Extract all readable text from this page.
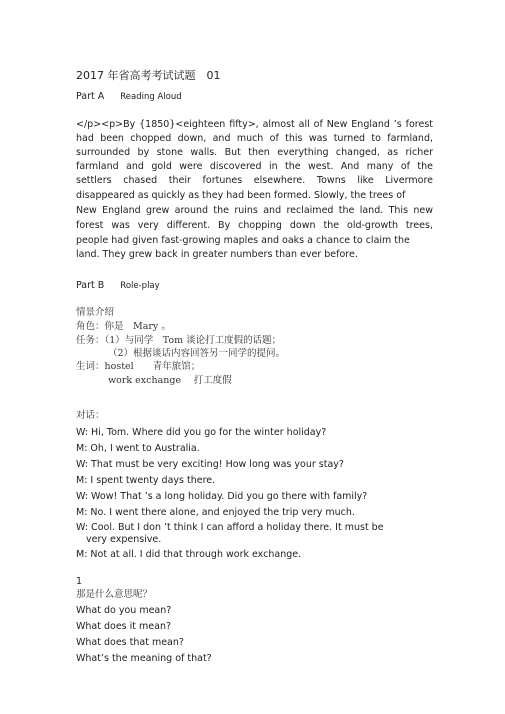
2017 年省高考考试试题　01
Part A Reading Aloud
</p><p>By {1850}<eighteen fifty>, almost all of New England ’s forest
had been chopped down, and much of this was turned to farmland,
surrounded by stone walls. But then everything changed, as richer
farmland and gold were discovered in the west. And many of the
settlers chased their fortunes elsewhere. Towns like Livermore
disappeared as quickly as they had been formed. Slowly, the trees of
New England grew around the ruins and reclaimed the land. This new
forest was very different. By chopping down the old-growth trees,
people had given fast-growing maples and oaks a chance to claim the
land. They grew back in greater numbers than ever before.
Part B Role-play
情景介绍
角色：你是　Mary 。
任务：（1）与同学　Tom 谈论打工度假的话题；
（2）根据谈话内容回答另一同学的提问。
生词：hostel　　青年旅馆；
work exchange　 打工度假
对话：
W: Hi, Tom. Where did you go for the winter holiday?
M: Oh, I went to Australia.
W: That must be very exciting! How long was your stay?
M: I spent twenty days there.
W: Wow! That ’s a long holiday. Did you go there with family?
M: No. I went there alone, and enjoyed the trip very much.
W: Cool. But I don ’t think I can afford a holiday there. It must be
very expensive.
M: Not at all. I did that through work exchange.
1
那是什么意思呢？
What do you mean?
What does it mean?
What does that mean?
What’s the meaning of that?
